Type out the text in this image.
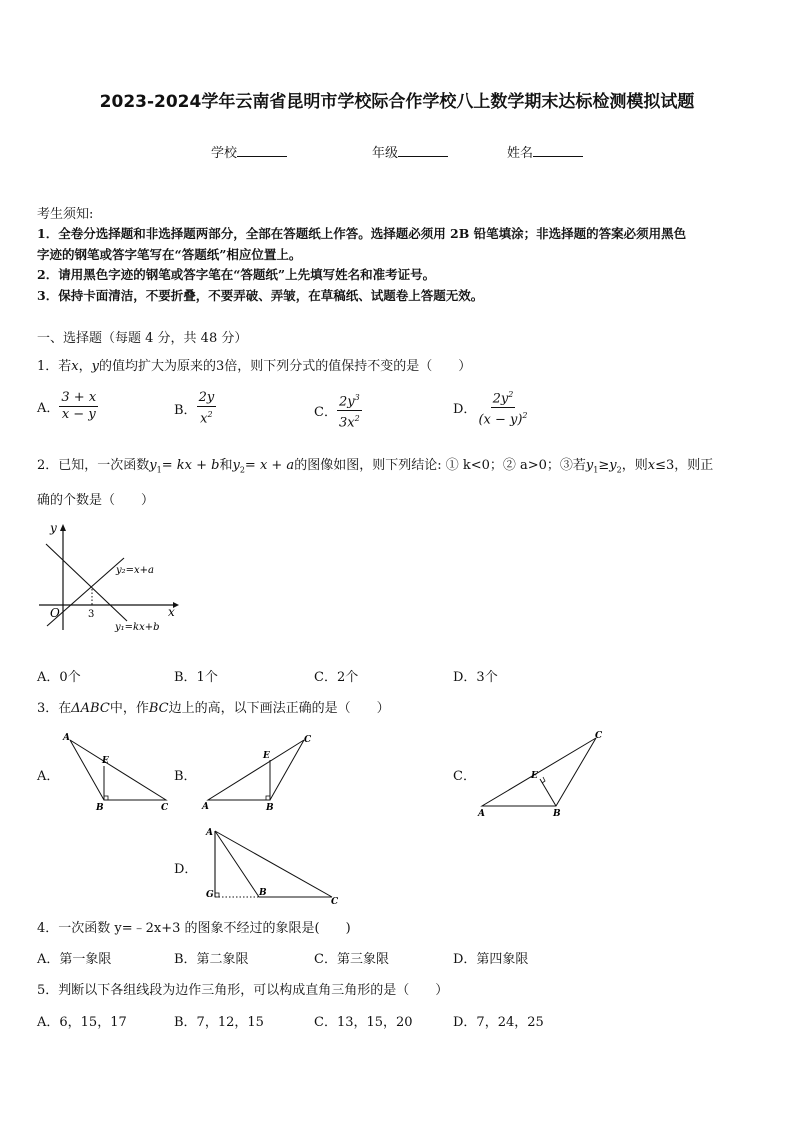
2023-2024学年云南省昆明市学校际合作学校八上数学期末达标检测模拟试题
学校	年级	姓名
考生须知:
1．全卷分选择题和非选择题两部分，全部在答题纸上作答。选择题必须用 2B 铅笔填涂；非选择题的答案必须用黑色
字迹的钢笔或答字笔写在“答题纸”相应位置上。
2．请用黑色字迹的钢笔或答字笔在“答题纸”上先填写姓名和准考证号。
3．保持卡面清洁，不要折叠，不要弄破、弄皱，在草稿纸、试题卷上答题无效。
一、选择题（每题 4 分，共 48 分）
1．若x，y的值均扩大为原来的3倍，则下列分式的值保持不变的是（　　）
A． $\frac{3 + x}{x - y}$	B． $\frac{2y}{x^2}$	C． $\frac{2y^3}{3x^2}$	D． $\frac{2y^2}{(x - y)^2}$
2．已知，一次函数$y_1=$ kx + b和$y_2= x + a$的图像如图，则下列结论: ① k<0；② a>0；③若$y_1\ge y_2$，则x≤3，则正
确的个数是（　　）
y
x
O	3
y₂=x+a
y₁=kx+b
A．0个	B．1个	C．2个	D．3个
3．在ΔABC中，作BC边上的高，以下画法正确的是（　　）
A．
A
E
B	C
B．
A
E
B
C
C．
A
E
B
C
D．
A
G	B
C
4．一次函数 y=﹣2x+3 的图象不经过的象限是(　　)
A．第一象限	B．第二象限	C．第三象限	D．第四象限
5．判断以下各组线段为边作三角形，可以构成直角三角形的是（　　）
A．6，15，17	B．7，12，15	C．13，15，20	D．7，24，25
